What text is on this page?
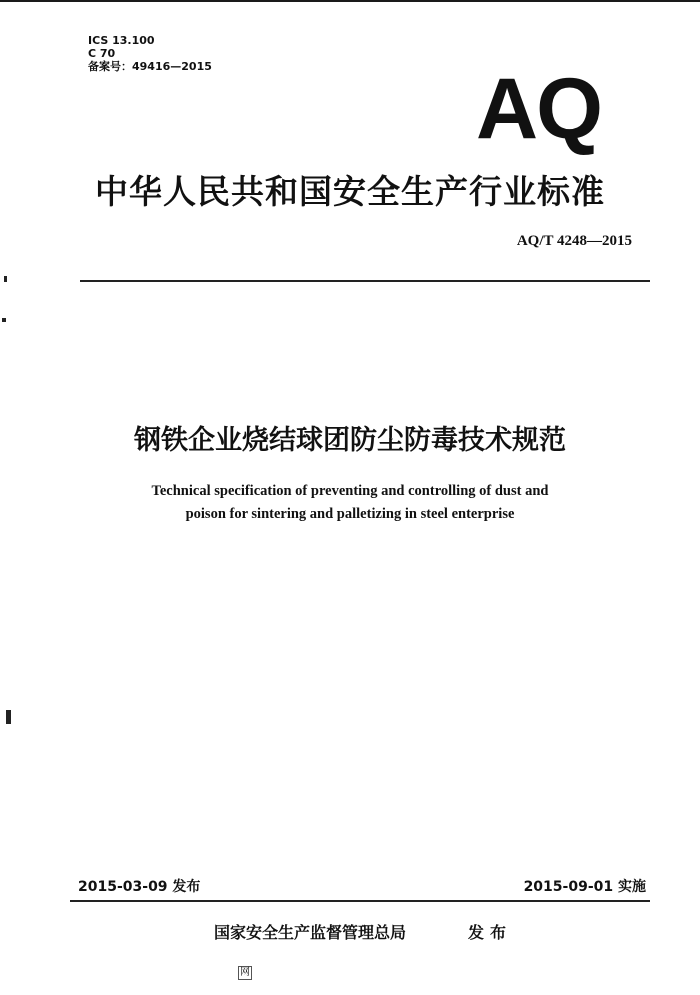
ICS 13.100
C 70
备案号：49416—2015	AQ
中华人民共和国安全生产行业标准
AQ/T 4248—2015
钢铁企业烧结球团防尘防毒技术规范
Technical specification of preventing and controlling of dust and
poison for sintering and palletizing in steel enterprise
2015-03-09 发布	2015-09-01 实施
国家安全生产监督管理总局	发布
网
